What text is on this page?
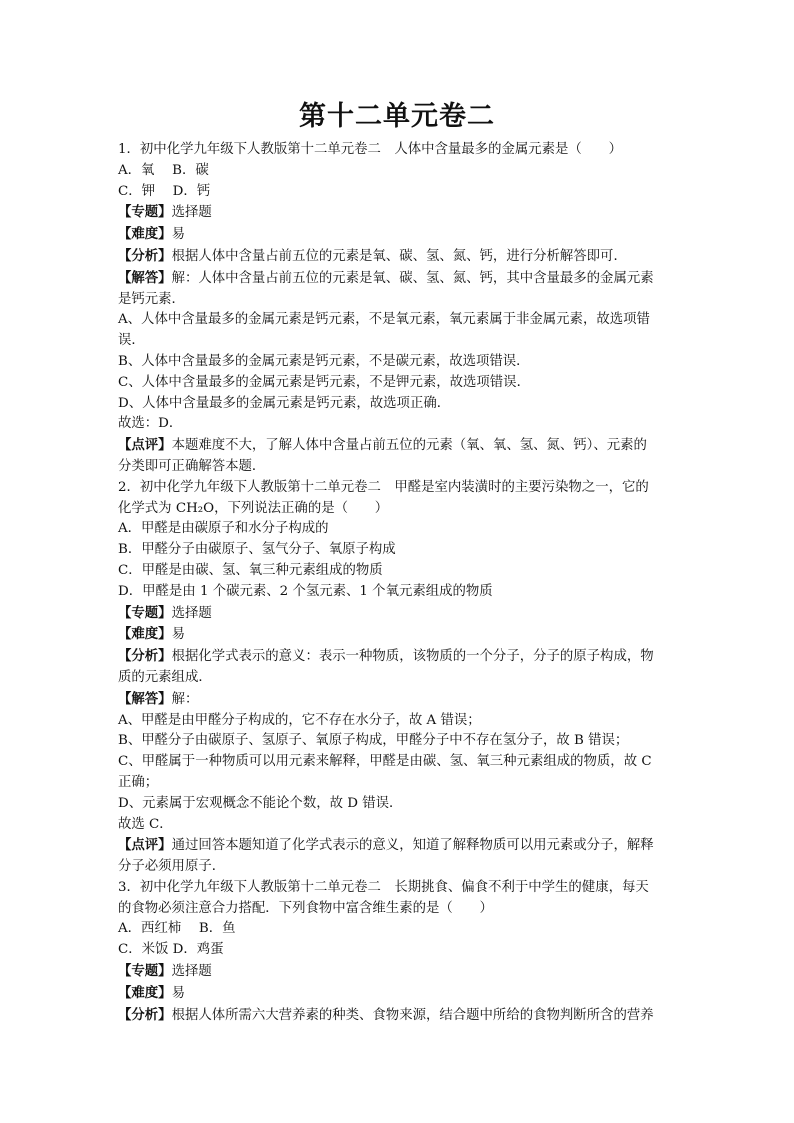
第十二单元卷二
1．初中化学九年级下人教版第十二单元卷二　人体中含量最多的金属元素是（　　）
A．氧　 B．碳
C．钾　 D．钙
【专题】选择题
【难度】易
【分析】根据人体中含量占前五位的元素是氧、碳、氢、氮、钙，进行分析解答即可．
【解答】解：人体中含量占前五位的元素是氧、碳、氢、氮、钙，其中含量最多的金属元素
是钙元素．
A、人体中含量最多的金属元素是钙元素，不是氧元素，氧元素属于非金属元素，故选项错
误．
B、人体中含量最多的金属元素是钙元素，不是碳元素，故选项错误．
C、人体中含量最多的金属元素是钙元素，不是钾元素，故选项错误．
D、人体中含量最多的金属元素是钙元素，故选项正确．
故选：D．
【点评】本题难度不大，了解人体中含量占前五位的元素（氧、氧、氢、氮、钙）、元素的
分类即可正确解答本题．
2．初中化学九年级下人教版第十二单元卷二　甲醛是室内装潢时的主要污染物之一，它的
化学式为 CH₂O，下列说法正确的是（　　）
A．甲醛是由碳原子和水分子构成的
B．甲醛分子由碳原子、氢气分子、氧原子构成
C．甲醛是由碳、氢、氧三种元素组成的物质
D．甲醛是由 1 个碳元素、2 个氢元素、1 个氧元素组成的物质
【专题】选择题
【难度】易
【分析】根据化学式表示的意义：表示一种物质，该物质的一个分子，分子的原子构成，物
质的元素组成．
【解答】解：
A、甲醛是由甲醛分子构成的，它不存在水分子，故 A 错误；
B、甲醛分子由碳原子、氢原子、氧原子构成，甲醛分子中不存在氢分子，故 B 错误；
C、甲醛属于一种物质可以用元素来解释，甲醛是由碳、氢、氧三种元素组成的物质，故 C
正确；
D、元素属于宏观概念不能论个数，故 D 错误．
故选 C．
【点评】通过回答本题知道了化学式表示的意义，知道了解释物质可以用元素或分子，解释
分子必须用原子．
3．初中化学九年级下人教版第十二单元卷二　长期挑食、偏食不利于中学生的健康，每天
的食物必须注意合力搭配．下列食物中富含维生素的是（　　）
A．西红柿　 B．鱼
C．米饭 D．鸡蛋
【专题】选择题
【难度】易
【分析】根据人体所需六大营养素的种类、食物来源，结合题中所给的食物判断所含的营养
